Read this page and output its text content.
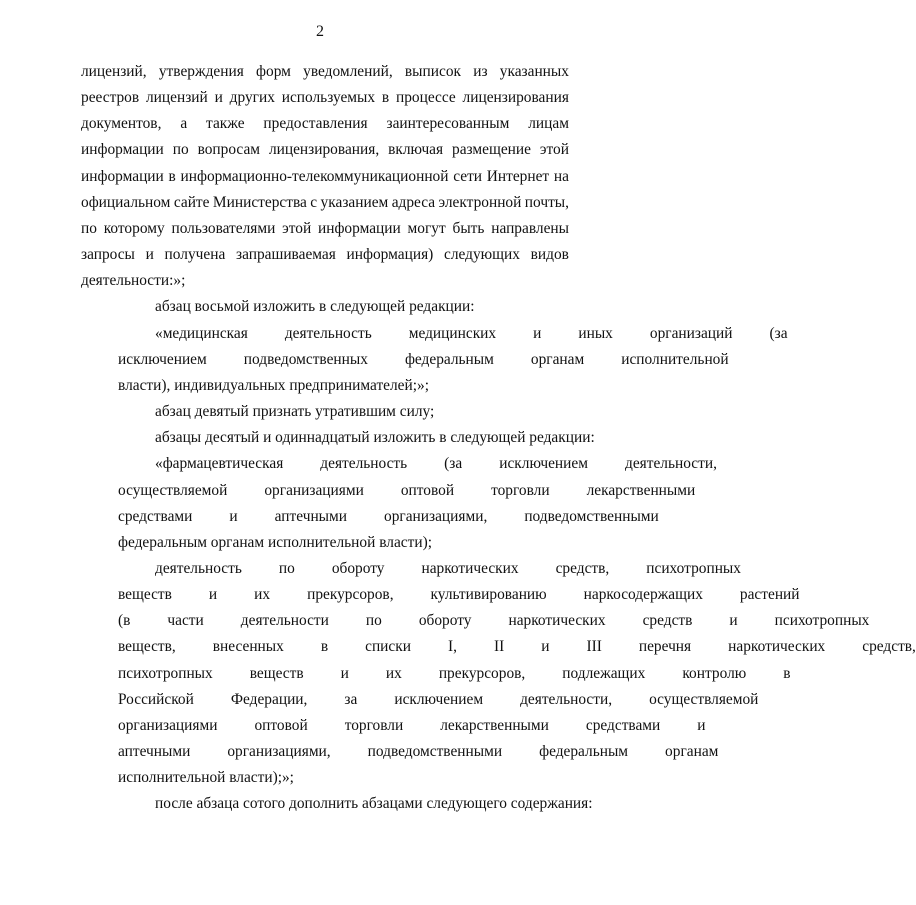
2
лицензий, утверждения форм уведомлений, выписок из указанных
реестров лицензий и других используемых в процессе лицензирования
документов, а также предоставления заинтересованным лицам
информации по вопросам лицензирования, включая размещение этой
информации в информационно-телекоммуникационной сети Интернет на
официальном сайте Министерства с указанием адреса электронной почты,
по которому пользователями этой информации могут быть направлены
запросы и получена запрашиваемая информация) следующих видов
деятельности:»;
абзац восьмой изложить в следующей редакции:
«медицинская	деятельность	медицинских	и	иных	организаций	(за
исключением	подведомственных	федеральным	органам	исполнительной
власти), индивидуальных предпринимателей;»;
абзац девятый признать утратившим силу;
абзацы десятый и одиннадцатый изложить в следующей редакции:
«фармацевтическая	деятельность	(за	исключением	деятельности,
осуществляемой	организациями	оптовой	торговли	лекарственными
средствами	и	аптечными	организациями,	подведомственными
федеральным органам исполнительной власти);
деятельность	по	обороту	наркотических	средств,	психотропных
веществ	и	их	прекурсоров,	культивированию	наркосодержащих	растений
(в	части	деятельности	по	обороту	наркотических	средств	и	психотропных
веществ,	внесенных	в	списки	I,	II	и	III	перечня	наркотических	средств,
психотропных	веществ	и	их	прекурсоров,	подлежащих	контролю	в
Российской	Федерации,	за	исключением	деятельности,	осуществляемой
организациями	оптовой	торговли	лекарственными	средствами	и
аптечными	организациями,	подведомственными	федеральным	органам
исполнительной власти);»;
после абзаца сотого дополнить абзацами следующего содержания:
